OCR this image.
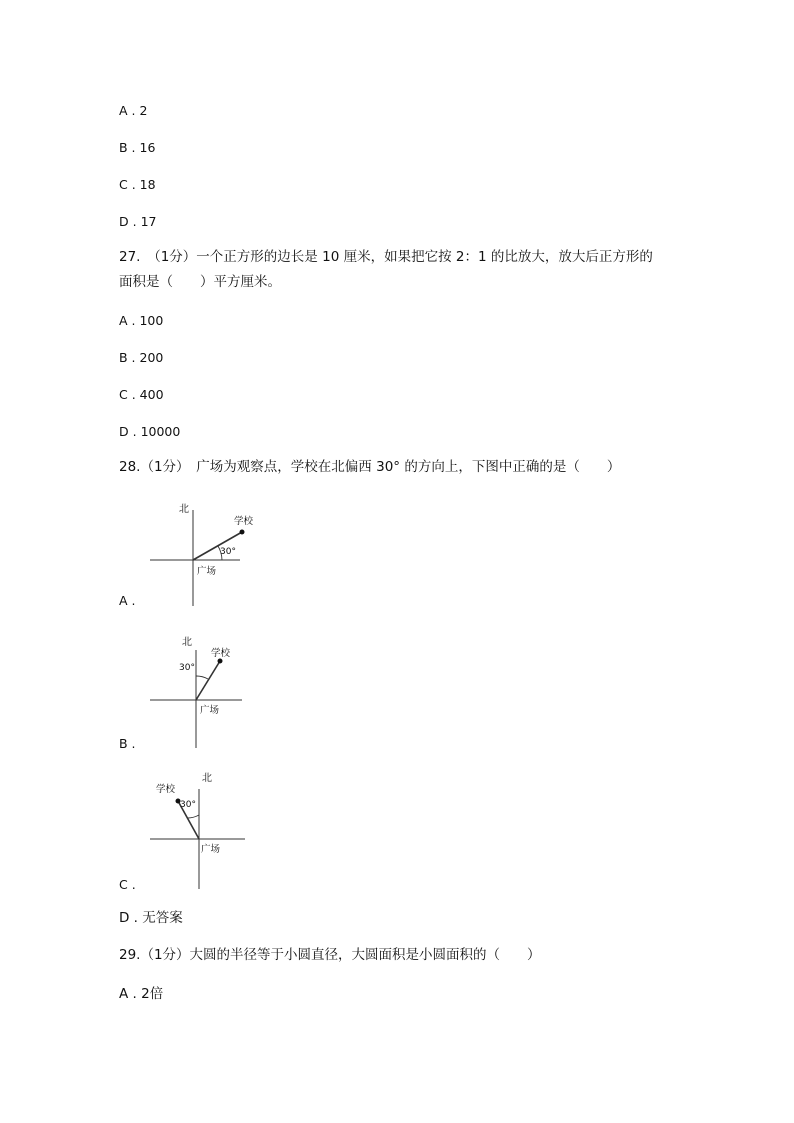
A . 2
B . 16
C . 18
D . 17
27.　（1分）一个正方形的边长是 10 厘米，如果把它按 2：1 的比放大，放大后正方形的
面积是（　　）平方厘米。
A . 100
B . 200
C . 400
D . 10000
28.（1分）　广场为观察点，学校在北偏西 30° 的方向上，下图中正确的是（　　）
北
学校
30°
广场
A .
北
学校
30°
广场
B .
北
学校
30°
广场
C .
D . 无答案
29.（1分）大圆的半径等于小圆直径，大圆面积是小圆面积的（　　）
A . 2倍
